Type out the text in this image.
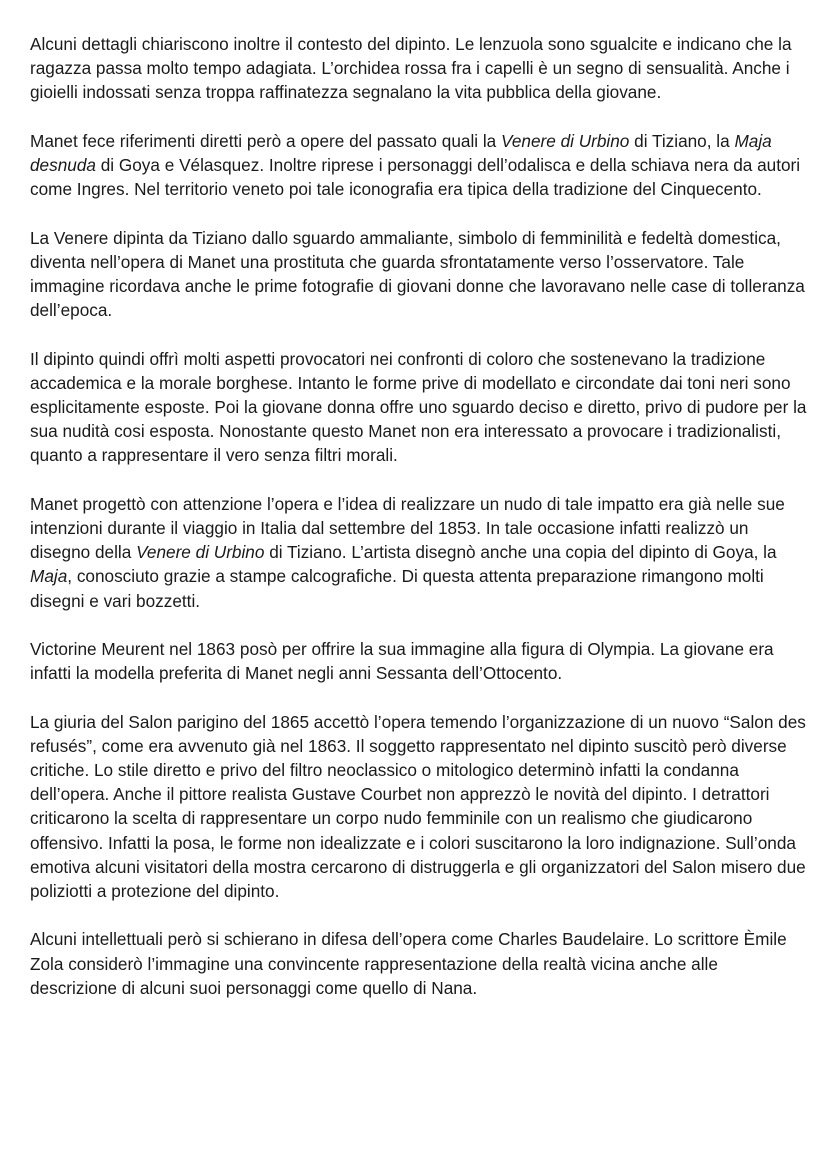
Alcuni dettagli chiariscono inoltre il contesto del dipinto. Le lenzuola sono sgualcite e indicano che la ragazza passa molto tempo adagiata. L’orchidea rossa fra i capelli è un segno di sensualità. Anche i gioielli indossati senza troppa raffinatezza segnalano la vita pubblica della giovane.

Manet fece riferimenti diretti però a opere del passato quali la Venere di Urbino di Tiziano, la Maja desnuda di Goya e Vélasquez. Inoltre riprese i personaggi dell’odalisca e della schiava nera da autori come Ingres. Nel territorio veneto poi tale iconografia era tipica della tradizione del Cinquecento.

La Venere dipinta da Tiziano dallo sguardo ammaliante, simbolo di femminilità e fedeltà domestica, diventa nell’opera di Manet una prostituta che guarda sfrontatamente verso l’osservatore. Tale immagine ricordava anche le prime fotografie di giovani donne che lavoravano nelle case di tolleranza dell’epoca.

Il dipinto quindi offrì molti aspetti provocatori nei confronti di coloro che sostenevano la tradizione accademica e la morale borghese. Intanto le forme prive di modellato e circondate dai toni neri sono esplicitamente esposte. Poi la giovane donna offre uno sguardo deciso e diretto, privo di pudore per la sua nudità cosi esposta. Nonostante questo Manet non era interessato a provocare i tradizionalisti, quanto a rappresentare il vero senza filtri morali.

Manet progettò con attenzione l’opera e l’idea di realizzare un nudo di tale impatto era già nelle sue intenzioni durante il viaggio in Italia dal settembre del 1853. In tale occasione infatti realizzò un disegno della Venere di Urbino di Tiziano. L’artista disegnò anche una copia del dipinto di Goya, la Maja, conosciuto grazie a stampe calcografiche. Di questa attenta preparazione rimangono molti disegni e vari bozzetti.

Victorine Meurent nel 1863 posò per offrire la sua immagine alla figura di Olympia. La giovane era infatti la modella preferita di Manet negli anni Sessanta dell’Ottocento.

La giuria del Salon parigino del 1865 accettò l’opera temendo l’organizzazione di un nuovo “Salon des refusés”, come era avvenuto già nel 1863. Il soggetto rappresentato nel dipinto suscitò però diverse critiche. Lo stile diretto e privo del filtro neoclassico o mitologico determinò infatti la condanna dell’opera. Anche il pittore realista Gustave Courbet non apprezzò le novità del dipinto. I detrattori criticarono la scelta di rappresentare un corpo nudo femminile con un realismo che giudicarono offensivo. Infatti la posa, le forme non idealizzate e i colori suscitarono la loro indignazione. Sull’onda emotiva alcuni visitatori della mostra cercarono di distruggerla e gli organizzatori del Salon misero due poliziotti a protezione del dipinto.

Alcuni intellettuali però si schierano in difesa dell’opera come Charles Baudelaire. Lo scrittore Èmile Zola considerò l’immagine una convincente rappresentazione della realtà vicina anche alle descrizione di alcuni suoi personaggi come quello di Nana.
